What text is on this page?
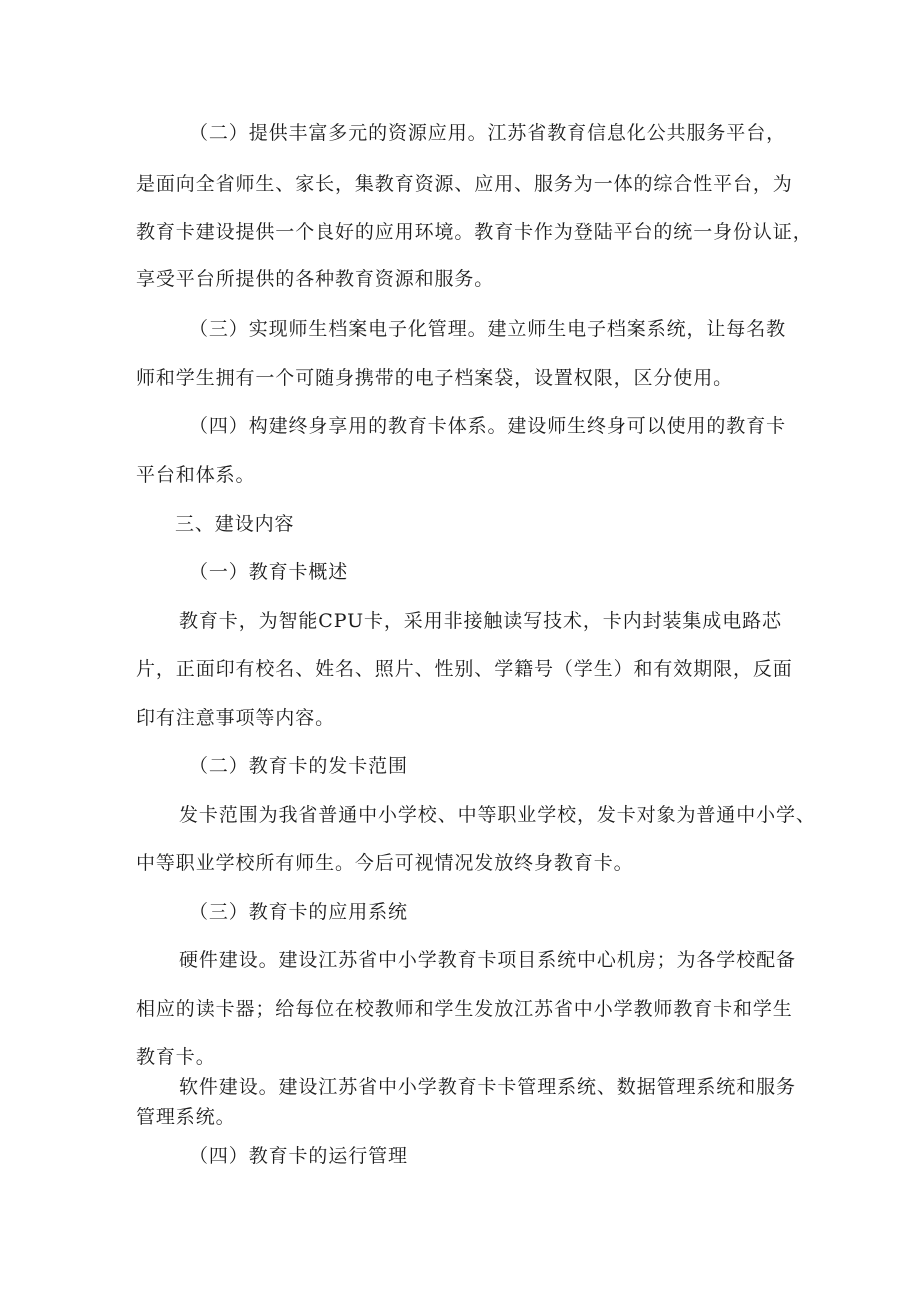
（二）提供丰富多元的资源应用。江苏省教育信息化公共服务平台，
是面向全省师生、家长，集教育资源、应用、服务为一体的综合性平台，为
教育卡建设提供一个良好的应用环境。教育卡作为登陆平台的统一身份认证，
享受平台所提供的各种教育资源和服务。
（三）实现师生档案电子化管理。建立师生电子档案系统，让每名教
师和学生拥有一个可随身携带的电子档案袋，设置权限，区分使用。
（四）构建终身享用的教育卡体系。建设师生终身可以使用的教育卡
平台和体系。
三、建设内容
（一）教育卡概述
教育卡，为智能CPU卡，采用非接触读写技术，卡内封装集成电路芯
片，正面印有校名、姓名、照片、性别、学籍号（学生）和有效期限，反面
印有注意事项等内容。
（二）教育卡的发卡范围
发卡范围为我省普通中小学校、中等职业学校，发卡对象为普通中小学、
中等职业学校所有师生。今后可视情况发放终身教育卡。
（三）教育卡的应用系统
硬件建设。建设江苏省中小学教育卡项目系统中心机房；为各学校配备
相应的读卡器；给每位在校教师和学生发放江苏省中小学教师教育卡和学生
教育卡。
软件建设。建设江苏省中小学教育卡卡管理系统、数据管理系统和服务
管理系统。
（四）教育卡的运行管理
